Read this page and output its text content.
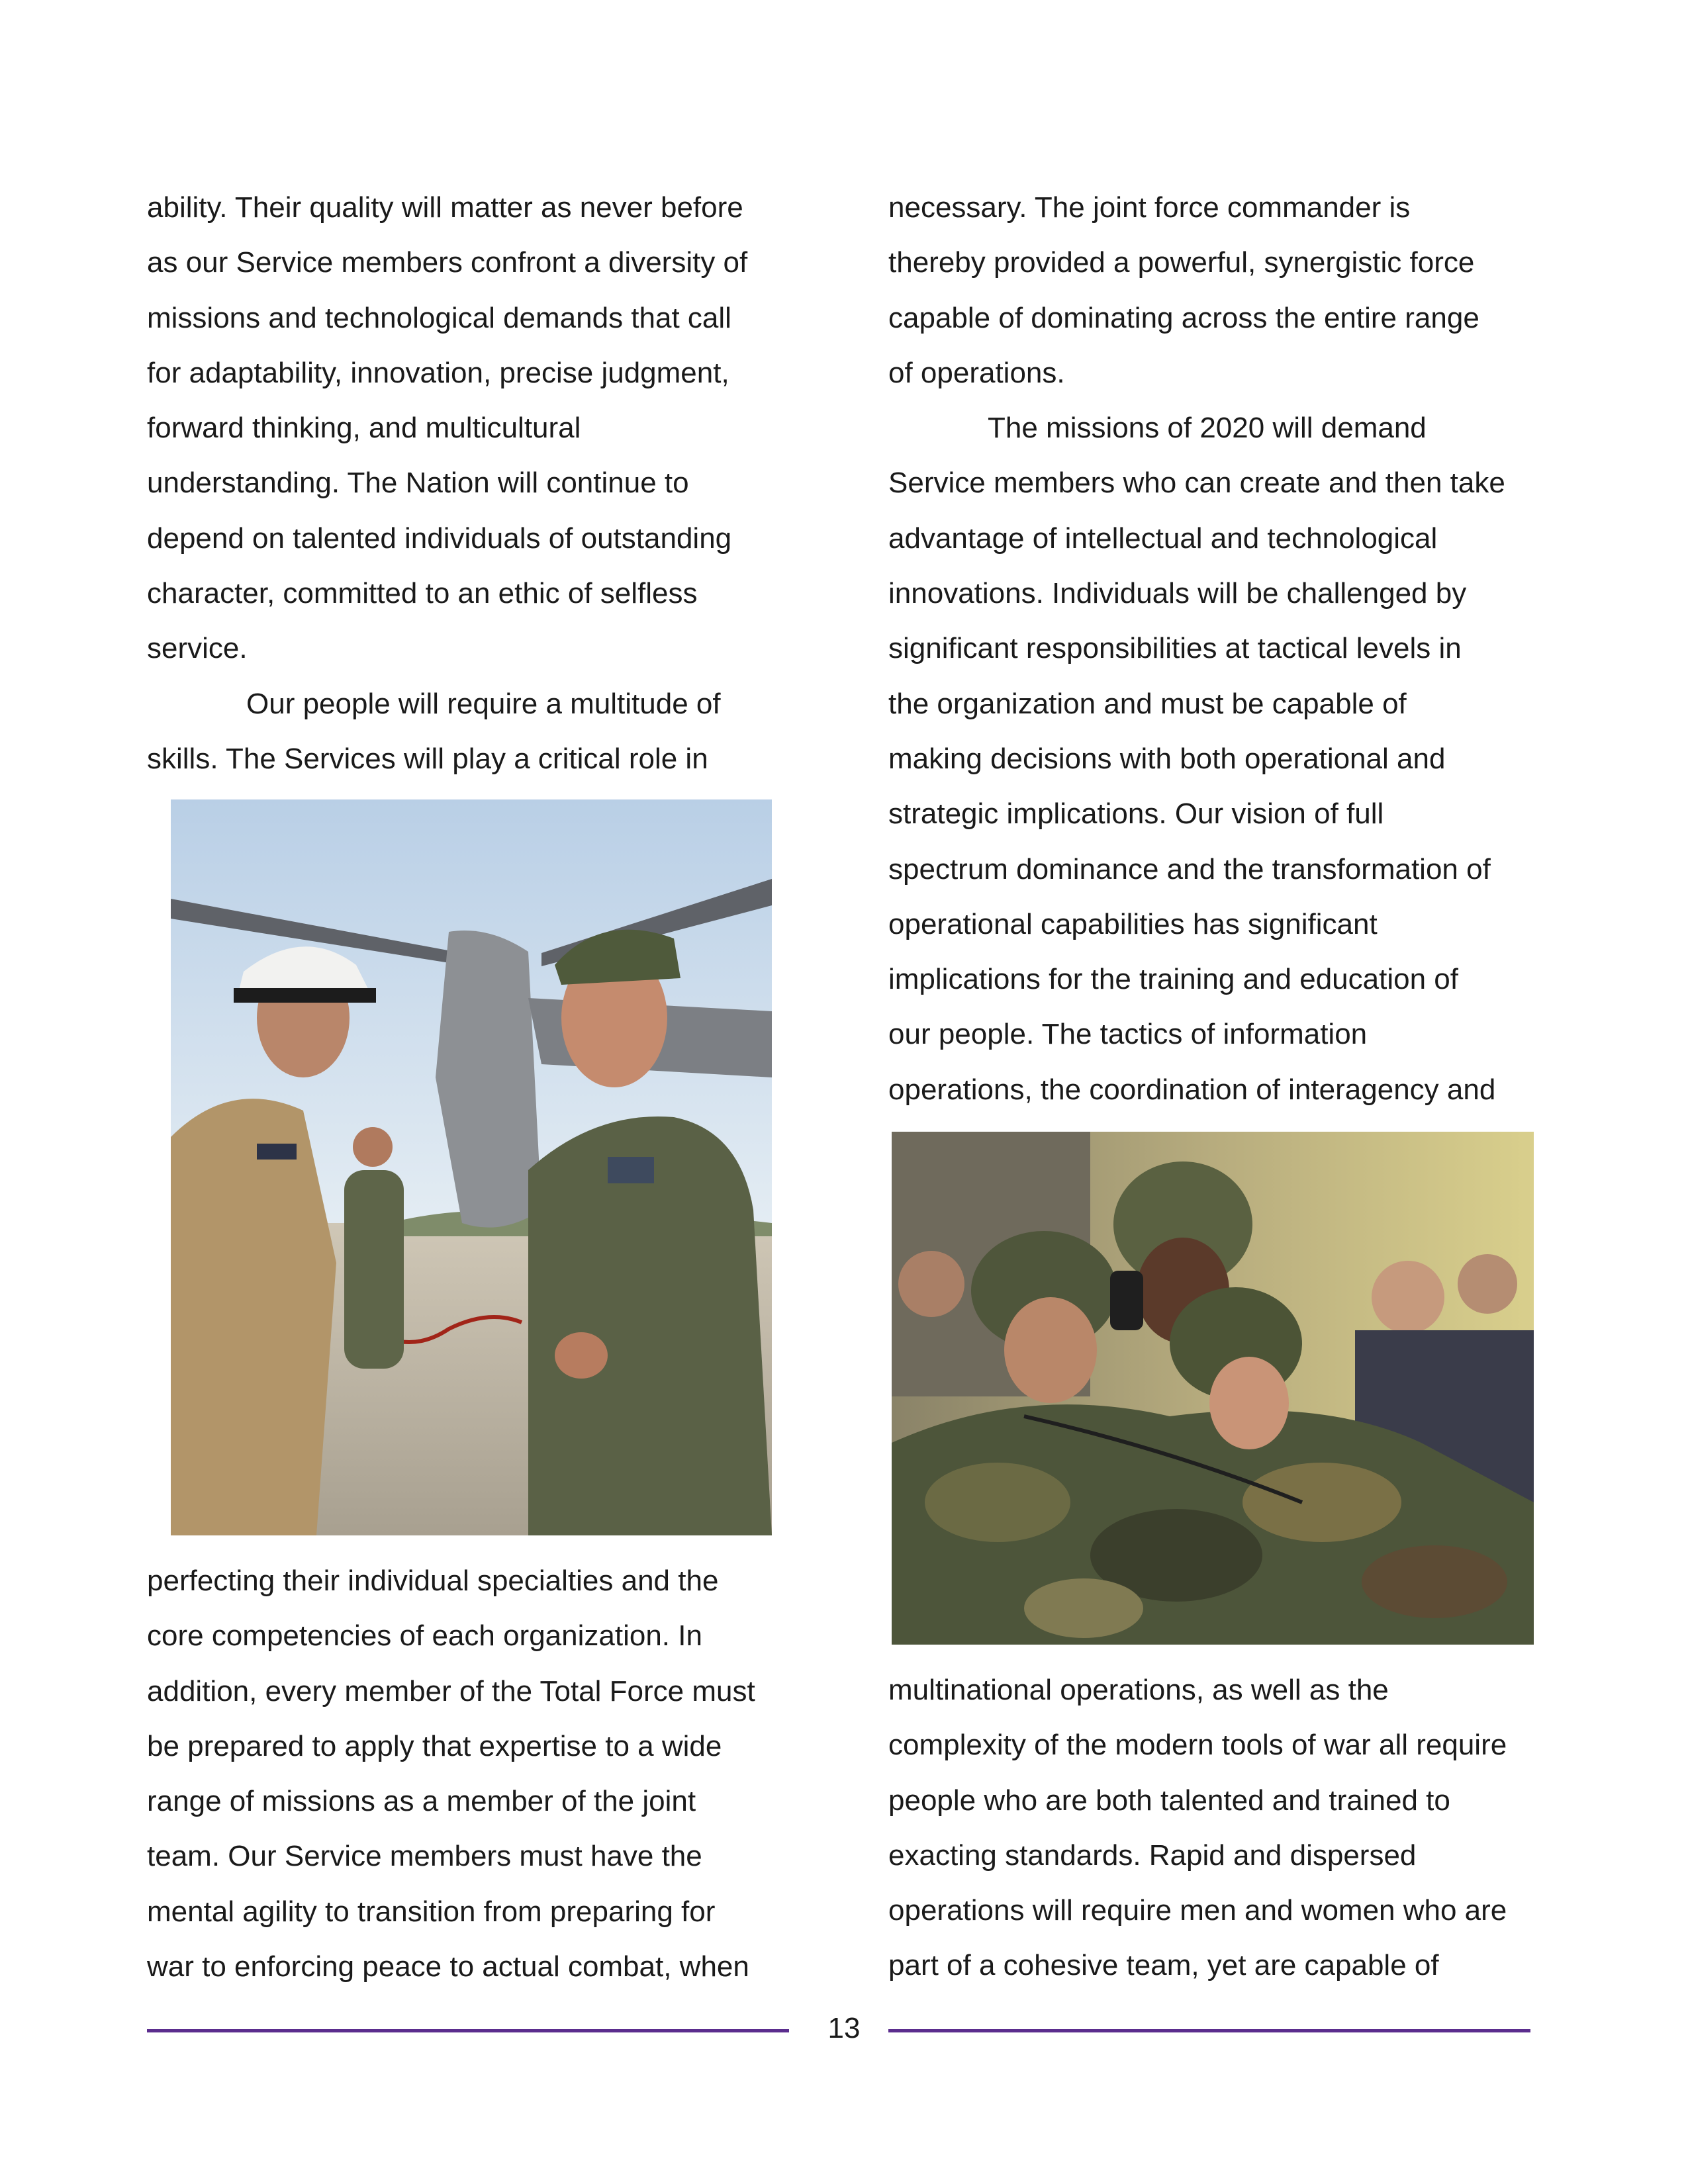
ability. Their quality will matter as never before

as our Service members confront a diversity of

missions and technological demands that call

for adaptability, innovation, precise judgment,

forward thinking, and multicultural

understanding. The Nation will continue to

depend on talented individuals of outstanding

character, committed to an ethic of selfless

service.

Our people will require a multitude of

skills. The Services will play a critical role in

perfecting their individual specialties and the

core competencies of each organization. In

addition, every member of the Total Force must

be prepared to apply that expertise to a wide

range of missions as a member of the joint

team. Our Service members must have the

mental agility to transition from preparing for

war to enforcing peace to actual combat, when

necessary. The joint force commander is

thereby provided a powerful, synergistic force

capable of dominating across the entire range

of operations.

The missions of 2020 will demand

Service members who can create and then take

advantage of intellectual and technological

innovations. Individuals will be challenged by

significant responsibilities at tactical levels in

the organization and must be capable of

making decisions with both operational and

strategic implications. Our vision of full

spectrum dominance and the transformation of

operational capabilities has significant

implications for the training and education of

our people. The tactics of information

operations, the coordination of interagency and

multinational operations, as well as the

complexity of the modern tools of war all require

people who are both talented and trained to

exacting standards. Rapid and dispersed

operations will require men and women who are

part of a cohesive team, yet are capable of

13
